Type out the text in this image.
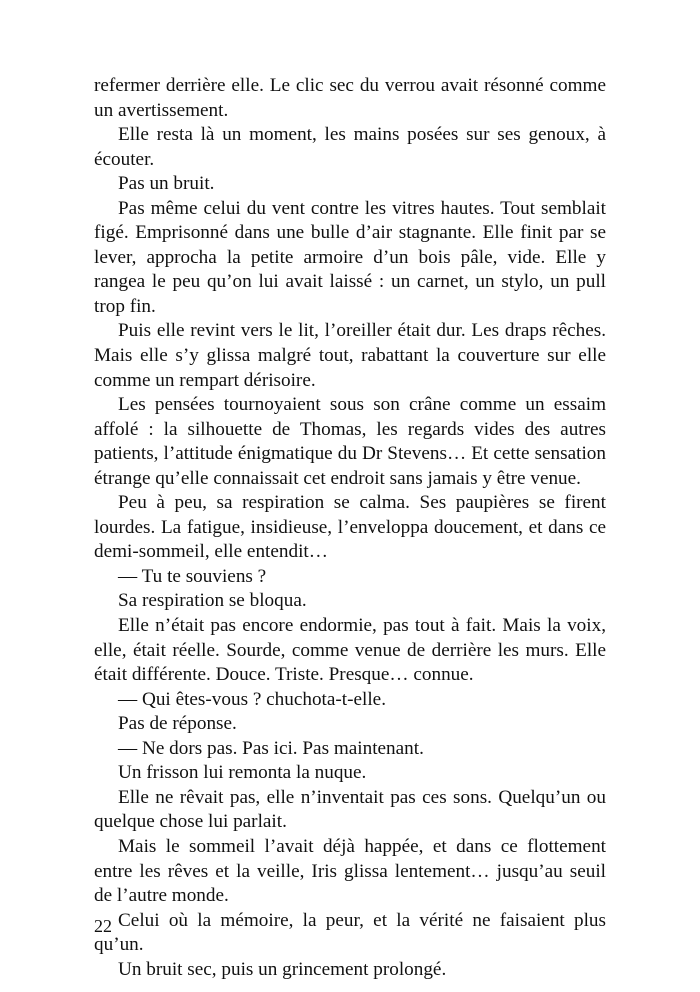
refermer derrière elle. Le clic sec du verrou avait résonné comme un avertissement.

Elle resta là un moment, les mains posées sur ses genoux, à écouter.

Pas un bruit.

Pas même celui du vent contre les vitres hautes. Tout semblait figé. Emprisonné dans une bulle d’air stagnante. Elle finit par se lever, approcha la petite armoire d’un bois pâle, vide. Elle y rangea le peu qu’on lui avait laissé : un carnet, un stylo, un pull trop fin.

Puis elle revint vers le lit, l’oreiller était dur. Les draps rêches. Mais elle s’y glissa malgré tout, rabattant la couverture sur elle comme un rempart dérisoire.

Les pensées tournoyaient sous son crâne comme un essaim affolé : la silhouette de Thomas, les regards vides des autres patients, l’attitude énigmatique du Dr Stevens… Et cette sensation étrange qu’elle connaissait cet endroit sans jamais y être venue.

Peu à peu, sa respiration se calma. Ses paupières se firent lourdes. La fatigue, insidieuse, l’enveloppa doucement, et dans ce demi-sommeil, elle entendit…

— Tu te souviens ?

Sa respiration se bloqua.

Elle n’était pas encore endormie, pas tout à fait. Mais la voix, elle, était réelle. Sourde, comme venue de derrière les murs. Elle était différente. Douce. Triste. Presque… connue.

— Qui êtes-vous ? chuchota-t-elle.

Pas de réponse.

— Ne dors pas. Pas ici. Pas maintenant.

Un frisson lui remonta la nuque.

Elle ne rêvait pas, elle n’inventait pas ces sons. Quelqu’un ou quelque chose lui parlait.

Mais le sommeil l’avait déjà happée, et dans ce flottement entre les rêves et la veille, Iris glissa lentement… jusqu’au seuil de l’autre monde.

Celui où la mémoire, la peur, et la vérité ne faisaient plus qu’un.

Un bruit sec, puis un grincement prolongé.

22
